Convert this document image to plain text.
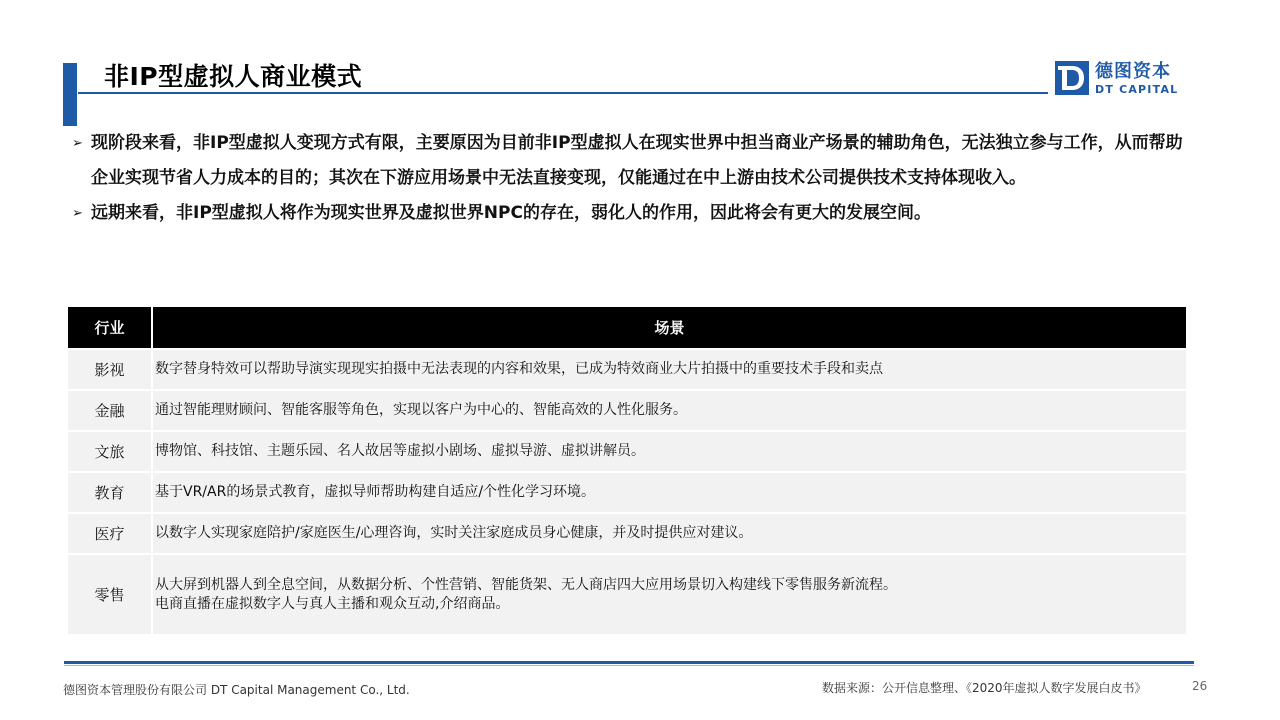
非IP型虚拟人商业模式	德图资本
DT CAPITAL
➢ 现阶段来看，非IP型虚拟人变现方式有限，主要原因为目前非IP型虚拟人在现实世界中担当商业产场景的辅助角色，无法独立参与工作，从而帮助企业实现节省人力成本的目的；其次在下游应用场景中无法直接变现，仅能通过在中上游由技术公司提供技术支持体现收入。
➢ 远期来看，非IP型虚拟人将作为现实世界及虚拟世界NPC的存在，弱化人的作用，因此将会有更大的发展空间。
行业	场景
影视	数字替身特效可以帮助导演实现现实拍摄中无法表现的内容和效果，已成为特效商业大片拍摄中的重要技术手段和卖点
金融	通过智能理财顾问、智能客服等角色，实现以客户为中心的、智能高效的人性化服务。
文旅	博物馆、科技馆、主题乐园、名人故居等虚拟小剧场、虚拟导游、虚拟讲解员。
教育	基于VR/AR的场景式教育，虚拟导师帮助构建自适应/个性化学习环境。
医疗	以数字人实现家庭陪护/家庭医生/心理咨询，实时关注家庭成员身心健康，并及时提供应对建议。
零售	从大屏到机器人到全息空间，从数据分析、个性营销、智能货架、无人商店四大应用场景切入构建线下零售服务新流程。
电商直播在虚拟数字人与真人主播和观众互动,介绍商品。
德图资本管理股份有限公司 DT Capital Management Co., Ltd.	数据来源：公开信息整理、《2020年虚拟人数字发展白皮书》	26
